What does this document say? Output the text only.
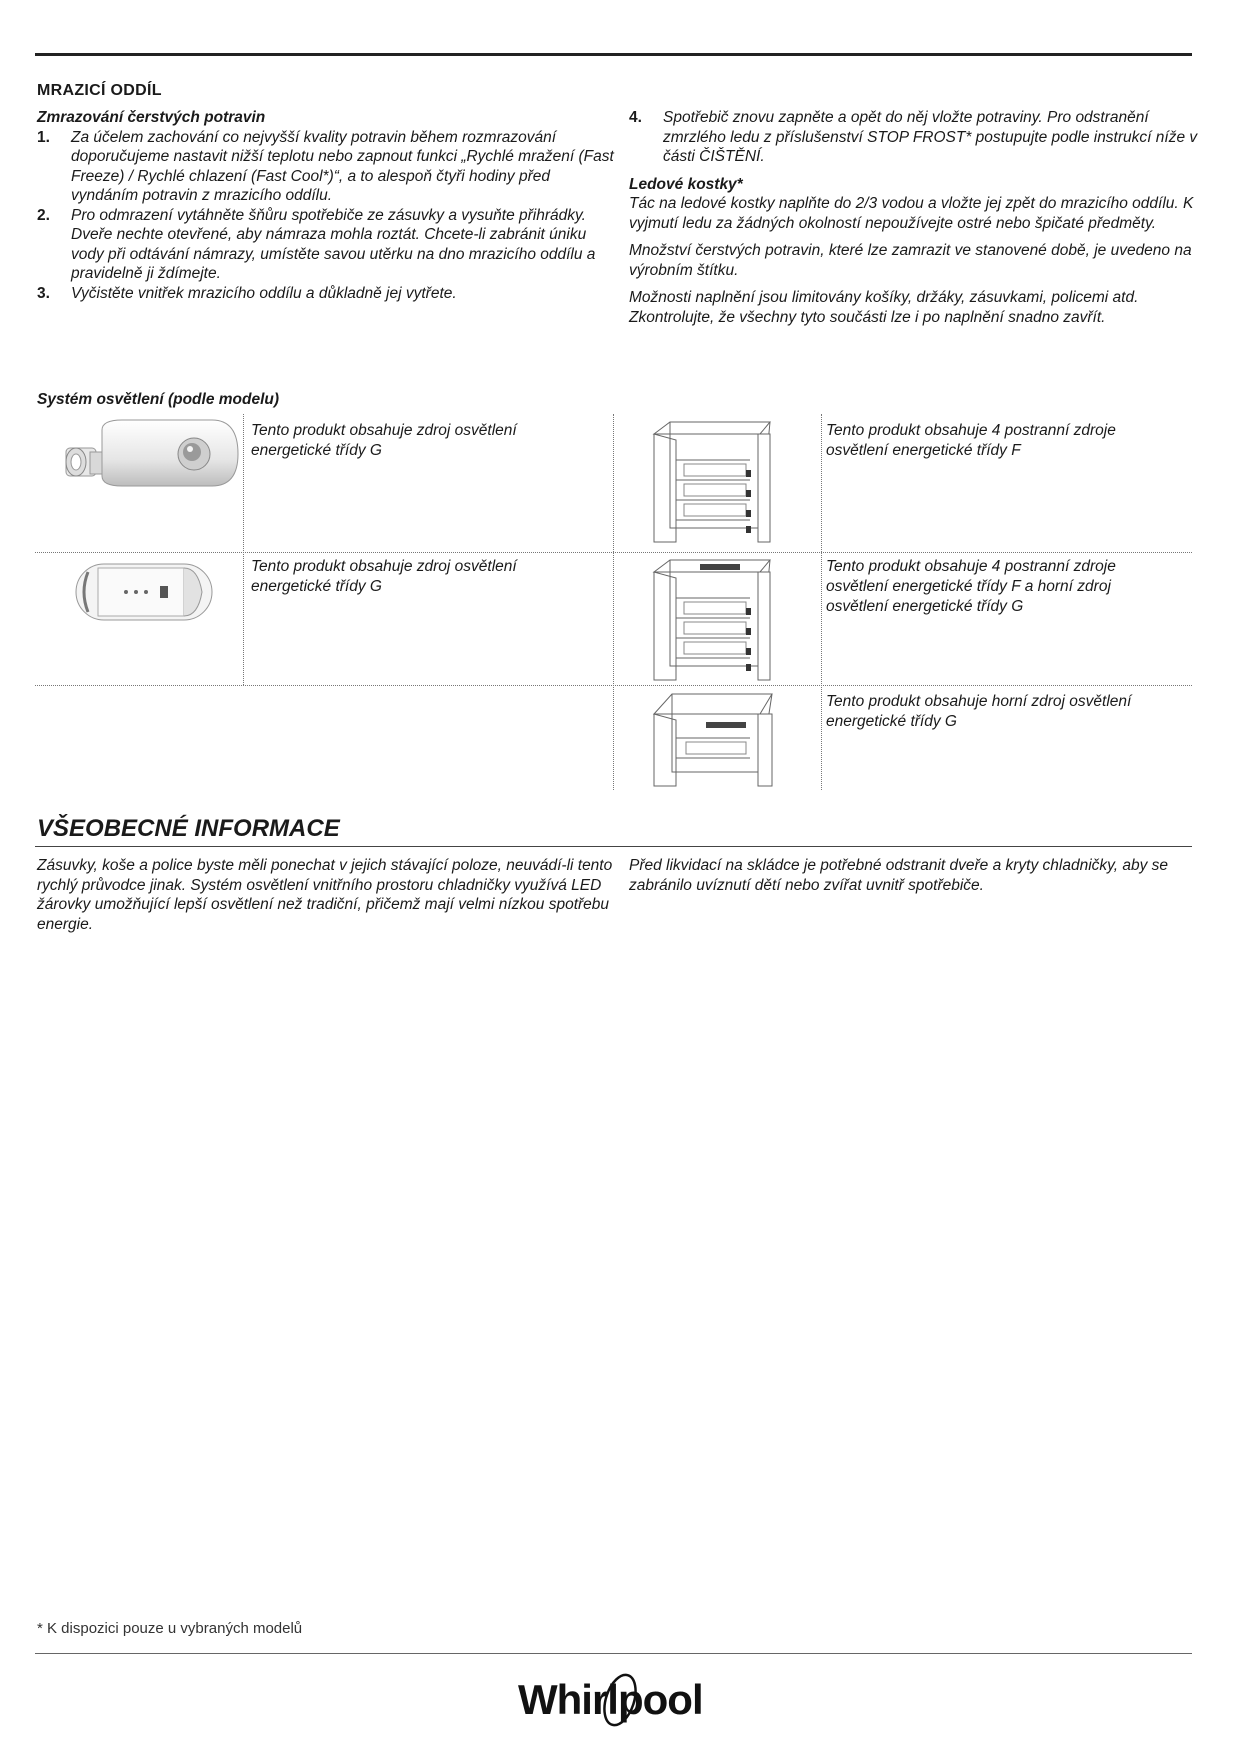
MRAZICÍ ODDÍL
Zmrazování čerstvých potravin
1. Za účelem zachování co nejvyšší kvality potravin během rozmrazování doporučujeme nastavit nižší teplotu nebo zapnout funkci „Rychlé mražení (Fast Freeze) / Rychlé chlazení (Fast Cool*)“, a to alespoň čtyři hodiny před vyndáním potravin z mrazicího oddílu.
2. Pro odmrazení vytáhněte šňůru spotřebiče ze zásuvky a vysuňte přihrádky. Dveře nechte otevřené, aby námraza mohla roztát. Chcete-li zabránit úniku vody při odtávání námrazy, umístěte savou utěrku na dno mrazicího oddílu a pravidelně ji ždímejte.
3. Vyčistěte vnitřek mrazicího oddílu a důkladně jej vytřete.
4. Spotřebič znovu zapněte a opět do něj vložte potraviny. Pro odstranění zmrzlého ledu z příslušenství STOP FROST* postupujte podle instrukcí níže v části ČIŠTĚNÍ.
Ledové kostky*

Tác na ledové kostky naplňte do 2/3 vodou a vložte jej zpět do mrazicího oddílu. K vyjmutí ledu za žádných okolností nepoužívejte ostré nebo špičaté předměty.

Množství čerstvých potravin, které lze zamrazit ve stanovené době, je uvedeno na výrobním štítku.

Možnosti naplnění jsou limitovány košíky, držáky, zásuvkami, policemi atd. Zkontrolujte, že všechny tyto součásti lze i po naplnění snadno zavřít.

Systém osvětlení (podle modelu)
Tento produkt obsahuje zdroj osvětlení energetické třídy G
Tento produkt obsahuje 4 postranní zdroje osvětlení energetické třídy F
Tento produkt obsahuje zdroj osvětlení energetické třídy G
Tento produkt obsahuje 4 postranní zdroje osvětlení energetické třídy F a horní zdroj osvětlení energetické třídy G
Tento produkt obsahuje horní zdroj osvětlení energetické třídy G
VŠEOBECNÉ INFORMACE
Zásuvky, koše a police byste měli ponechat v jejich stávající poloze, neuvádí-li tento rychlý průvodce jinak. Systém osvětlení vnitřního prostoru chladničky využívá LED žárovky umožňující lepší osvětlení než tradiční, přičemž mají velmi nízkou spotřebu energie.
Před likvidací na skládce je potřebné odstranit dveře a kryty chladničky, aby se zabránilo uvíznutí dětí nebo zvířat uvnitř spotřebiče.
* K dispozici pouze u vybraných modelů
Whirlpool
